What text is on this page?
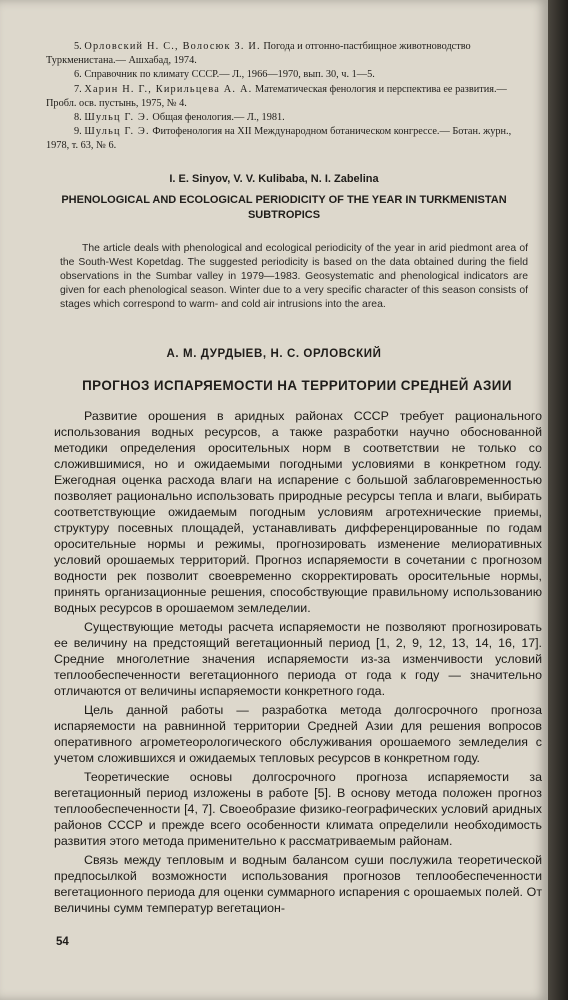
5. Орловский Н. С., Волосюк З. И. Погода и отгонно-пастбищное животноводство Туркменистана.— Ашхабад, 1974.

6. Справочник по климату СССР.— Л., 1966—1970, вып. 30, ч. 1—5.

7. Харин Н. Г., Кирильцева А. А. Математическая фенология и перспектива ее развития.— Пробл. осв. пустынь, 1975, № 4.

8. Шульц Г. Э. Общая фенология.— Л., 1981.

9. Шульц Г. Э. Фитофенология на XII Международном ботаническом конгрессе.— Ботан. журн., 1978, т. 63, № 6.

I. E. Sinyov, V. V. Kulibaba, N. I. Zabelina
PHENOLOGICAL AND ECOLOGICAL PERIODICITY OF THE YEAR IN TURKMENISTAN SUBTROPICS
The article deals with phenological and ecological periodicity of the year in arid piedmont area of the South-West Kopetdag. The suggested periodicity is based on the data obtained during the field observations in the Sumbar valley in 1979—1983. Geosystematic and phenological indicators are given for each phenological season. Winter due to a very specific character of this season consists of stages which correspond to warm- and cold air intrusions into the area.
А. М. ДУРДЫЕВ, Н. С. ОРЛОВСКИЙ
ПРОГНОЗ ИСПАРЯЕМОСТИ НА ТЕРРИТОРИИ СРЕДНЕЙ АЗИИ

Развитие орошения в аридных районах СССР требует рационального использования водных ресурсов, а также разработки научно обоснованной методики определения оросительных норм в соответствии не только со сложившимися, но и ожидаемыми погодными условиями в конкретном году. Ежегодная оценка расхода влаги на испарение с большой заблаговременностью позволяет рационально использовать природные ресурсы тепла и влаги, выбирать соответствующие ожидаемым погодным условиям агротехнические приемы, структуру посевных площадей, устанавливать дифференцированные по годам оросительные нормы и режимы, прогнозировать изменение мелиоративных условий орошаемых территорий. Прогноз испаряемости в сочетании с прогнозом водности рек позволит своевременно скорректировать оросительные нормы, принять организационные решения, способствующие правильному использованию водных ресурсов в орошаемом земледелии.

Существующие методы расчета испаряемости не позволяют прогнозировать ее величину на предстоящий вегетационный период [1, 2, 9, 12, 13, 14, 16, 17]. Средние многолетние значения испаряемости из-за изменчивости условий теплообеспеченности вегетационного периода от года к году — значительно отличаются от величины испаряемости конкретного года.

Цель данной работы — разработка метода долгосрочного прогноза испаряемости на равнинной территории Средней Азии для решения вопросов оперативного агрометеорологического обслуживания орошаемого земледелия с учетом сложившихся и ожидаемых тепловых ресурсов в конкретном году.

Теоретические основы долгосрочного прогноза испаряемости за вегетационный период изложены в работе [5]. В основу метода положен прогноз теплообеспеченности [4, 7]. Своеобразие физико-географических условий аридных районов СССР и прежде всего особенности климата определили необходимость развития этого метода применительно к рассматриваемым районам.

Связь между тепловым и водным балансом суши послужила теоретической предпосылкой возможности использования прогнозов теплообеспеченности вегетационного периода для оценки суммарного испарения с орошаемых полей. От величины сумм температур вегетацион-

54
